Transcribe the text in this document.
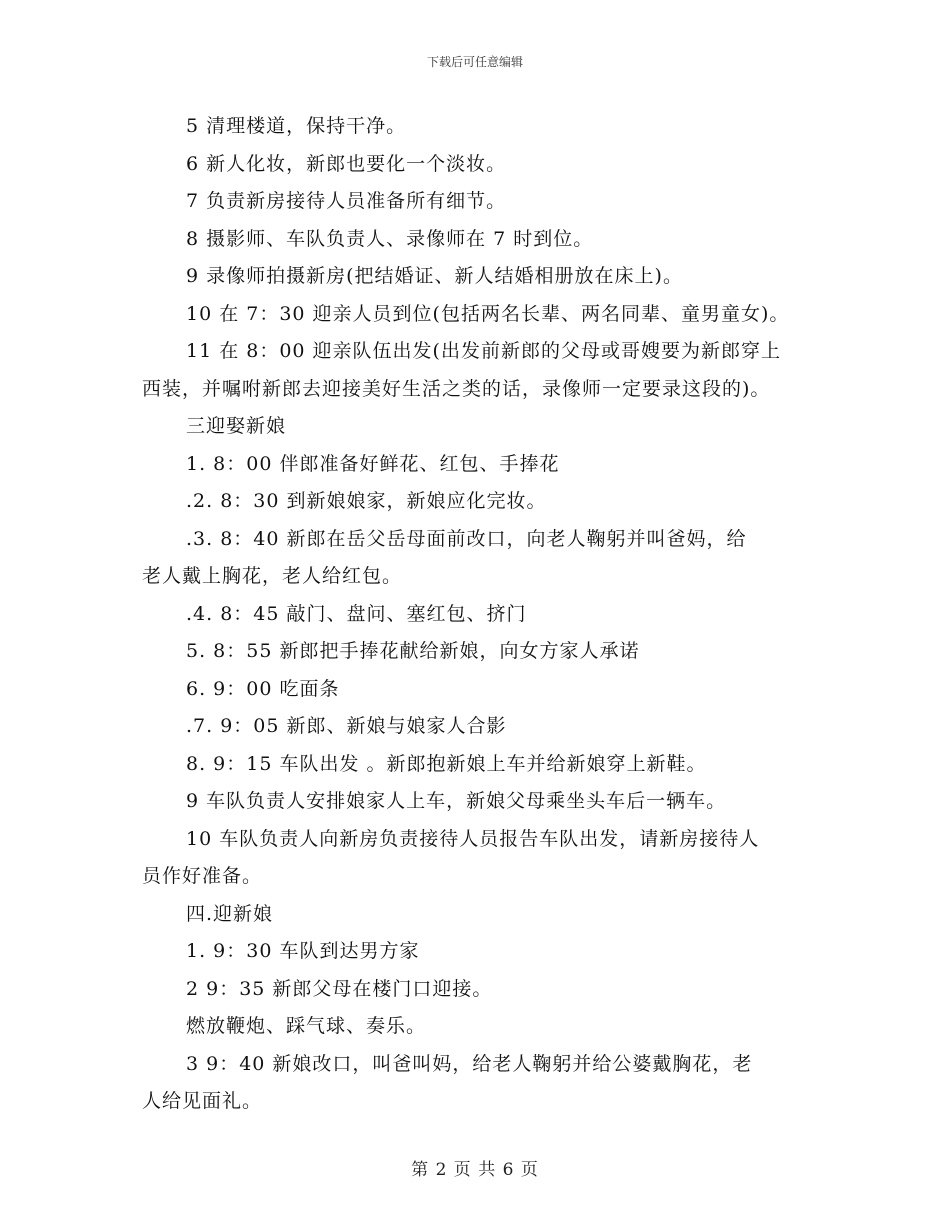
下载后可任意编辑

5 清理楼道，保持干净。

6 新人化妆，新郎也要化一个淡妆。

7 负责新房接待人员准备所有细节。

8 摄影师、车队负责人、录像师在 7 时到位。

9 录像师拍摄新房(把结婚证、新人结婚相册放在床上)。

10 在 7：30 迎亲人员到位(包括两名长辈、两名同辈、童男童女)。

11 在 8：00 迎亲队伍出发(出发前新郎的父母或哥嫂要为新郎穿上

西装，并嘱咐新郎去迎接美好生活之类的话，录像师一定要录这段的)。

三迎娶新娘

1. 8：00 伴郎准备好鲜花、红包、手捧花

.2. 8：30 到新娘娘家，新娘应化完妆。

.3. 8：40 新郎在岳父岳母面前改口，向老人鞠躬并叫爸妈，给

老人戴上胸花，老人给红包。

.4. 8：45 敲门、盘问、塞红包、挤门

5. 8：55 新郎把手捧花献给新娘，向女方家人承诺

6. 9：00 吃面条

.7. 9：05 新郎、新娘与娘家人合影

8. 9：15 车队出发 。新郎抱新娘上车并给新娘穿上新鞋。

9 车队负责人安排娘家人上车，新娘父母乘坐头车后一辆车。

10 车队负责人向新房负责接待人员报告车队出发，请新房接待人

员作好准备。

四.迎新娘

1. 9：30 车队到达男方家

2 9：35 新郎父母在楼门口迎接。

燃放鞭炮、踩气球、奏乐。

3 9：40 新娘改口，叫爸叫妈，给老人鞠躬并给公婆戴胸花，老

人给见面礼。

第 2 页 共 6 页
